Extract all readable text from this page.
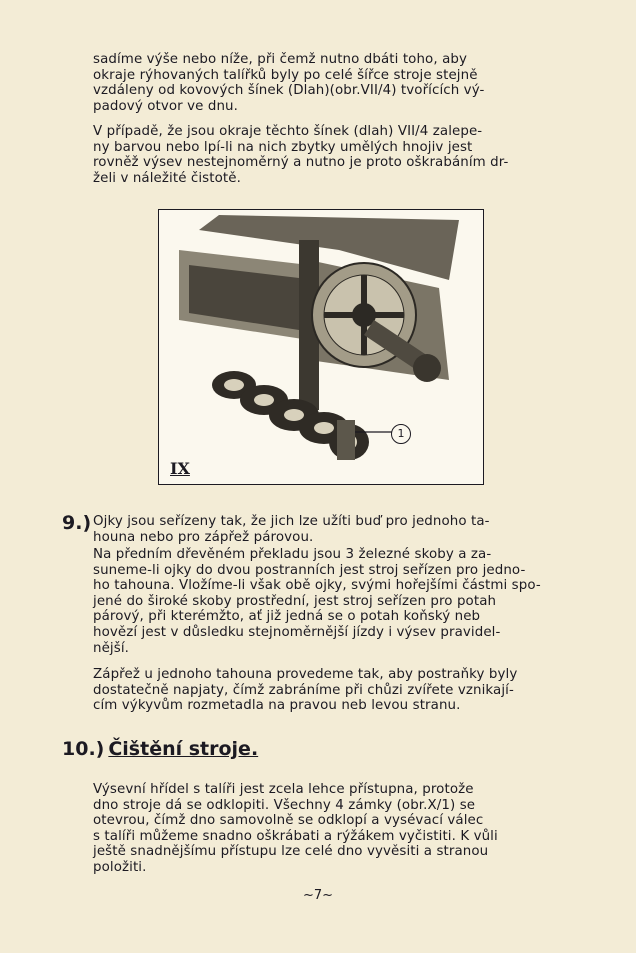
sadíme výše nebo níže, při čemž nutno dbáti toho, aby
okraje rýhovaných talířků byly po celé šířce stroje stejně
vzdáleny od kovových šínek (Dlah)(obr.VII/4) tvořících vý-
padový otvor ve dnu.

V případě, že jsou okraje těchto šínek (dlah) VII/4 zalepe-
ny barvou nebo lpí-li na nich zbytky umělých hnojiv jest
rovněž výsev nestejnoměrný a nutno je proto oškrabáním dr-
želi v náležité čistotě.

1
IX
9.) Ojky jsou seřízeny tak, že jich lze užíti buď pro jednoho ta-
houna nebo pro zápřež párovou.

Na předním dřevěném překladu jsou 3 železné skoby a za-
suneme-li ojky do dvou postranních jest stroj seřízen pro jedno-
ho tahouna. Vložíme-li však obě ojky, svými hořejšími částmi spo-
jené do široké skoby prostřední, jest stroj seřízen pro potah
párový, při kterémžto, ať již jedná se o potah koňský neb
hovězí jest v důsledku stejnoměrnější jízdy i výsev pravidel-
nější.

Zápřež u jednoho tahouna provedeme tak, aby postraňky byly
dostatečně napjaty, čímž zabráníme při chůzi zvířete vznikají-
cím výkyvům rozmetadla na pravou neb levou stranu.

10.) Čištění stroje.

Výsevní hřídel s talíři jest zcela lehce přístupna, protože
dno stroje dá se odklopiti. Všechny 4 zámky (obr.X/1) se
otevrou, čímž dno samovolně se odklopí a vysévací válec
s talíři můžeme snadno oškrábati a rýžákem vyčistiti. K vůli
ještě snadnějšímu přístupu lze celé dno vyvěsiti a stranou
položiti.

~7~
